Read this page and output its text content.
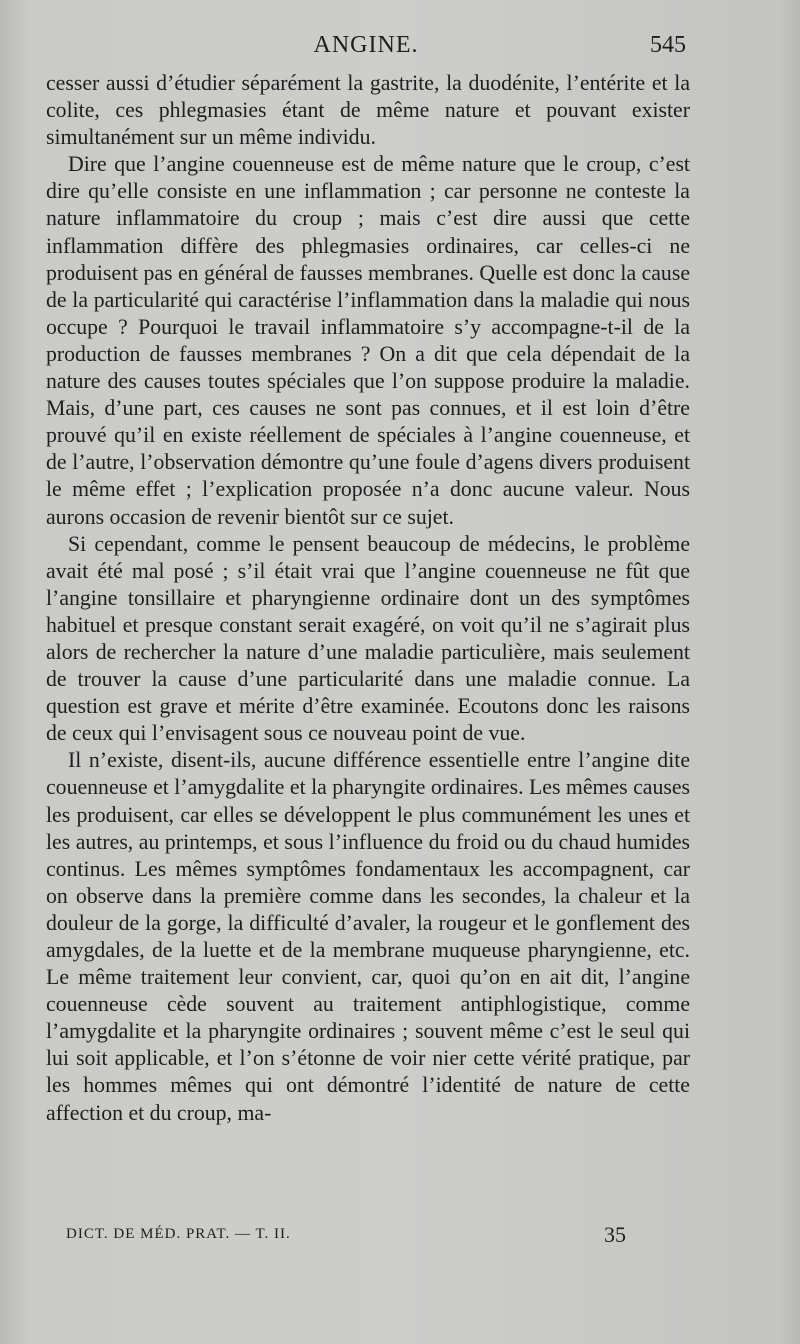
ANGINE.	545

cesser aussi d’étudier séparément la gastrite, la duodénite, l’entérite et la colite, ces phlegmasies étant de même nature et pouvant exister simultanément sur un même individu.

Dire que l’angine couenneuse est de même nature que le croup, c’est dire qu’elle consiste en une inflammation ; car personne ne conteste la nature inflammatoire du croup ; mais c’est dire aussi que cette inflammation diffère des phlegmasies ordinaires, car celles-ci ne produisent pas en général de fausses membranes. Quelle est donc la cause de la particularité qui caractérise l’inflammation dans la maladie qui nous occupe ? Pourquoi le travail inflammatoire s’y accompagne-t-il de la production de fausses membranes ? On a dit que cela dépendait de la nature des causes toutes spéciales que l’on suppose produire la maladie. Mais, d’une part, ces causes ne sont pas connues, et il est loin d’être prouvé qu’il en existe réellement de spéciales à l’angine couenneuse, et de l’autre, l’observation démontre qu’une foule d’agens divers produisent le même effet ; l’explication proposée n’a donc aucune valeur. Nous aurons occasion de revenir bientôt sur ce sujet.

Si cependant, comme le pensent beaucoup de médecins, le problème avait été mal posé ; s’il était vrai que l’angine couenneuse ne fût que l’angine tonsillaire et pharyngienne ordinaire dont un des symptômes habituel et presque constant serait exagéré, on voit qu’il ne s’agirait plus alors de rechercher la nature d’une maladie particulière, mais seulement de trouver la cause d’une particularité dans une maladie connue. La question est grave et mérite d’être examinée. Ecoutons donc les raisons de ceux qui l’envisagent sous ce nouveau point de vue.

Il n’existe, disent-ils, aucune différence essentielle entre l’angine dite couenneuse et l’amygdalite et la pharyngite ordinaires. Les mêmes causes les produisent, car elles se développent le plus communément les unes et les autres, au printemps, et sous l’influence du froid ou du chaud humides continus. Les mêmes symptômes fondamentaux les accompagnent, car on observe dans la première comme dans les secondes, la chaleur et la douleur de la gorge, la difficulté d’avaler, la rougeur et le gonflement des amygdales, de la luette et de la membrane muqueuse pharyngienne, etc. Le même traitement leur convient, car, quoi qu’on en ait dit, l’angine couenneuse cède souvent au traitement antiphlogistique, comme l’amygdalite et la pharyngite ordinaires ; souvent même c’est le seul qui lui soit applicable, et l’on s’étonne de voir nier cette vérité pratique, par les hommes mêmes qui ont démontré l’identité de nature de cette affection et du croup, ma-

DICT. DE MÉD. PRAT. — T. II.	35
